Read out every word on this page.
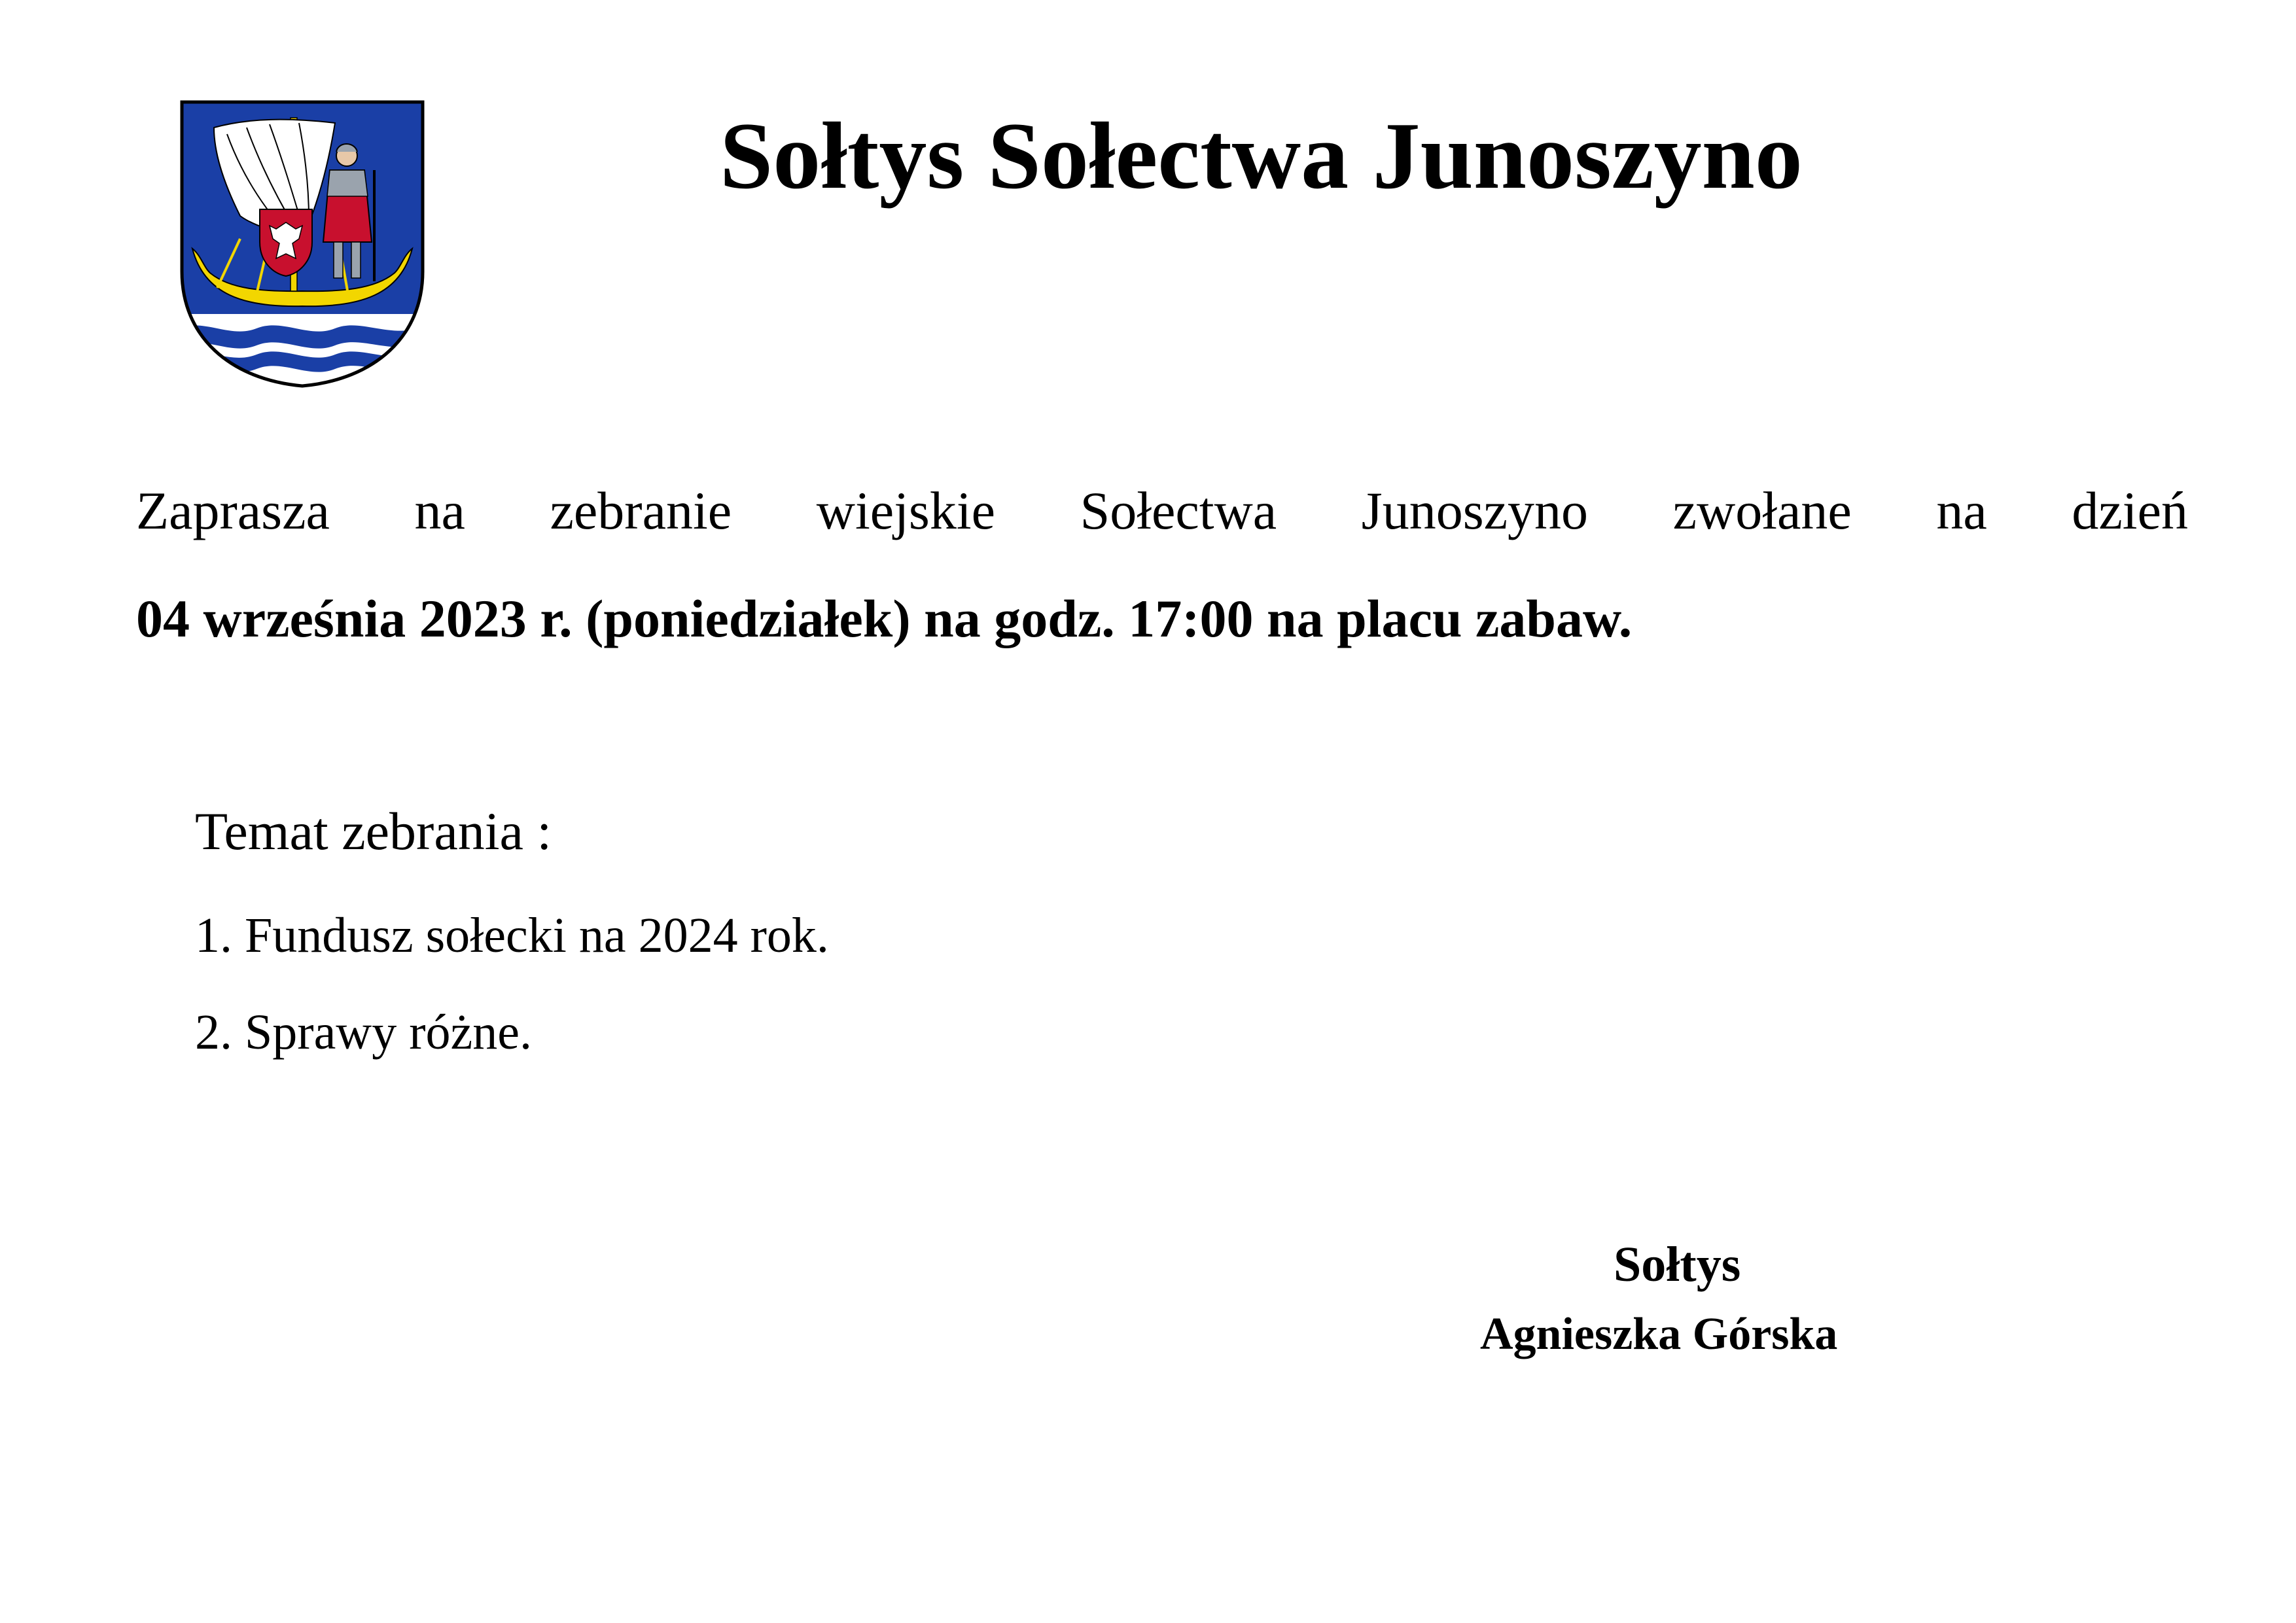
Sołtys Sołectwa Junoszyno

Zaprasza na zebranie wiejskie Sołectwa Junoszyno zwołane na dzień

04 września 2023 r. (poniedziałek) na godz. 17:00 na placu zabaw.

Temat zebrania :

1. Fundusz sołecki na 2024 rok.
2. Sprawy różne.

Sołtys

Agnieszka Górska
